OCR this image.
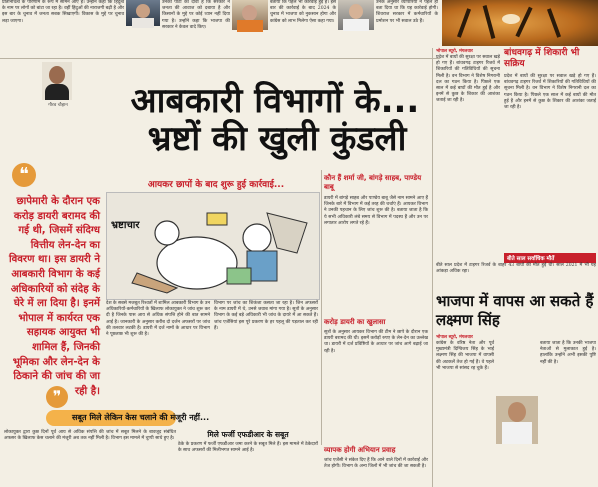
प्रतिनिधित्व के परिणाम के रूप में सामने आए हैं। उन्होंने कहा कि हिंदुत्व के नाम पर लोगों को बांटा जा रहा है। वहीं हिंदुओं की नाराजगी बढ़ी है और इस बार के चुनाव में जनता सबक सिखाएगी। विकास के मुद्दे पर चुनाव लड़ा जाएगा।
उनकी पार्टी का दावा है कि सरकार ने जनता की आवाज को दबाया है और किसानों के मुद्दे पर कोई ध्यान नहीं दिया गया है। उन्होंने कहा कि भाजपा की सरकार ने केवल वादे किए।
बताया कि पहले भी कार्रवाई हुई है। इस बार की कार्रवाई के बाद 2024 के चुनाव में भाजपा को नुकसान होगा और कांग्रेस को लाभ मिलेगा ऐसा कहा गया।
उनके अनुसार व्यापारियों ने पहले ही बता दिया था कि यह कार्रवाई होगी। शिवराज सरकार में कर्मचारियों के प्रमोशन पर भी सवाल उठे हैं।
गौरव चौहान	आबकारी विभागों के...
भ्रष्टों की खुली कुंडली
❝
छापेमारी के दौरान एक करोड़ डायरी बरामद की गई थी, जिसमें संदिग्ध वित्तीय लेन-देन का विवरण था। इस डायरी ने आबकारी विभाग के कई अधिकारियों को संदेह के घेरे में ला दिया है। इनमें भोपाल में कार्यरत एक सहायक आयुक्त भी शामिल हैं, जिनकी भूमिका और लेन-देन के ठिकाने की जांच की जा रही है।
❞
आयकर छापों के बाद शुरू हुई कार्रवाई...
भ्रष्टाचार
देश के सबसे मजबूत रिश्वतों में शामिल आबकारी विभाग के उन अधिकारियों-कर्मचारियों के खिलाफ लोकायुक्त ने जांच शुरू कर दी है जिनके पास आय से अधिक संपत्ति होने की बात सामने आई है। जानकारी के अनुसार करीब दो दर्जन अफसरों पर जांच की तलवार लटकी है। डायरी में दर्ज नामों के आधार पर विभाग ने पूछताछ भी शुरू की है।
विभाग पर जांच का शिकंजा कसता जा रहा है। जिन अफसरों के नाम डायरी में थे, उनसे जवाब मांगा गया है। सूत्रों के अनुसार विभाग के कई बड़े अधिकारी भी जांच के दायरे में आ सकते हैं। जांच एजेंसियां इस पूरे प्रकरण के हर पहलू की पड़ताल कर रही हैं।
कौन हैं शर्मा जी, बांगड़े साहब, पाण्डेय बाबू
डायरी में बांगड़े साहब और पाण्डेय बाबू जैसे नाम सामने आए हैं जिनके बारे में विभाग में कई तरह की चर्चाएं हैं। आयकर विभाग ने उनकी पहचान के लिए जांच शुरू की है। बताया जाता है कि ये सभी अधिकारी लंबे समय से विभाग में पदस्थ हैं और उन पर लगातार आरोप लगते रहे हैं।
करोड़ डायरी का खुलासा
सूत्रों के अनुसार आयकर विभाग की टीम ने छापे के दौरान एक डायरी बरामद की थी। इसमें करोड़ों रुपए के लेन-देन का उल्लेख था। डायरी में दर्ज प्रविष्टियों के आधार पर जांच आगे बढ़ाई जा रही है।
व्यापक होगी अभियान प्रवाह
जांच एजेंसी ने संकेत दिए हैं कि आने वाले दिनों में कार्रवाई और तेज होगी। विभाग के अन्य जिलों में भी जांच की जा सकती है।
भोपाल ब्यूरो, मंगलवार
प्रदेश में बाघों की सुरक्षा पर सवाल खड़े हो गए हैं। बांधवगढ़ टाइगर रिजर्व में शिकारियों की गतिविधियों की सूचना मिली है। वन विभाग ने विशेष निगरानी दल का गठन किया है। पिछले एक साल में कई बाघों की मौत हुई है और इनमें से कुछ के शिकार की आशंका जताई जा रही है।
बांधवगढ़ में शिकारी भी सक्रिय
प्रदेश में बाघों की सुरक्षा पर सवाल खड़े हो गए हैं। बांधवगढ़ टाइगर रिजर्व में शिकारियों की गतिविधियों की सूचना मिली है। वन विभाग ने विशेष निगरानी दल का गठन किया है। पिछले एक साल में कई बाघों की मौत हुई है और इनमें से कुछ के शिकार की आशंका जताई जा रही है।
बीते साल सर्वाधिक मौतें
बीते साल प्रदेश में टाइगर रिजर्व के बाहर 43 बाघों की मौत हुई थी। साल 2021 में भी यह आंकड़ा अधिक रहा।
भाजपा में वापस आ सकते हैं लक्ष्मण सिंह
भोपाल ब्यूरो, मंगलवार
कांग्रेस के वरिष्ठ नेता और पूर्व मुख्यमंत्री दिग्विजय सिंह के भाई लक्ष्मण सिंह की भाजपा में वापसी की अटकलें तेज हो गई हैं। वे पहले भी भाजपा से सांसद रह चुके हैं।
बताया जाता है कि उनकी भाजपा नेताओं से मुलाकात हुई है। हालांकि उन्होंने अभी इसकी पुष्टि नहीं की है।
सबूत मिले लेकिन केस चलाने की मंजूरी नहीं...
लोकायुक्त द्वारा कुछ दिनों पूर्व आय से अधिक संपत्ति की जांच में सबूत मिलने के बावजूद संबंधित अफसर के खिलाफ केस चलाने की मंजूरी अब तक नहीं मिली है। विभाग इस मामले में चुप्पी साधे हुए है।	मिले फर्जी एफडीआर के सबूत
ठेके के प्रकरण में फर्जी एफडीआर जमा करने के सबूत मिले हैं। इस मामले में ठेकेदारों के साथ अफसरों की मिलीभगत सामने आई है।
